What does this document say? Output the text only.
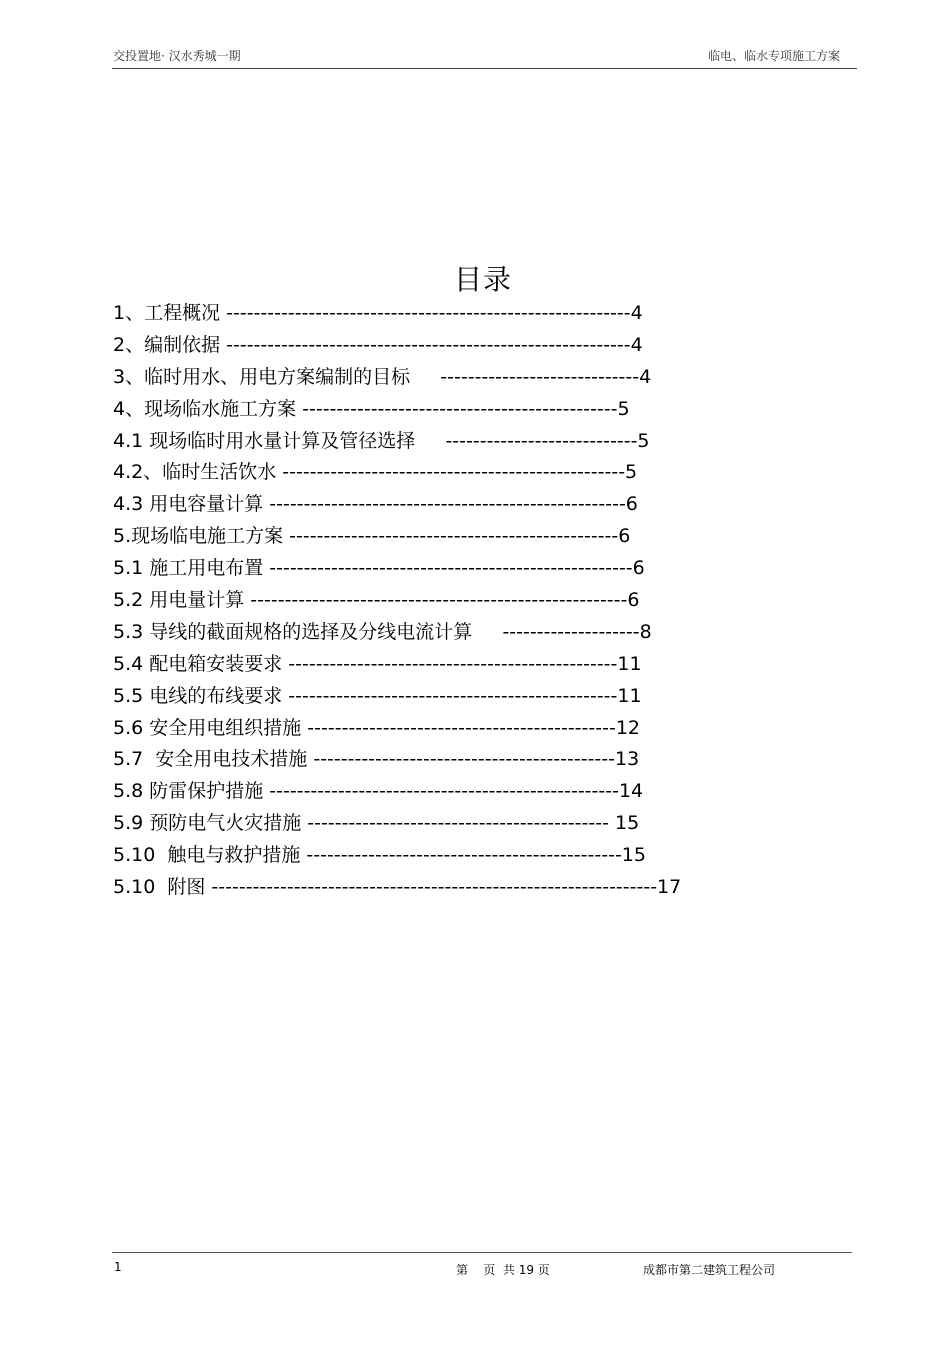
交投置地· 汉水秀城一期	临电、临水专项施工方案
目录
1、工程概况 -----------------------------------------------------------4
2、编制依据 -----------------------------------------------------------4
3、临时用水、用电方案编制的目标     -----------------------------4
4、现场临水施工方案 ----------------------------------------------5
4.1 现场临时用水量计算及管径选择     ----------------------------5
4.2、临时生活饮水 --------------------------------------------------5
4.3 用电容量计算 ----------------------------------------------------6
5.现场临电施工方案 ------------------------------------------------6
5.1 施工用电布置 -----------------------------------------------------6
5.2 用电量计算 -------------------------------------------------------6
5.3 导线的截面规格的选择及分线电流计算     --------------------8
5.4 配电箱安装要求 ------------------------------------------------11
5.5 电线的布线要求 ------------------------------------------------11
5.6 安全用电组织措施 ---------------------------------------------12
5.7  安全用电技术措施 --------------------------------------------13
5.8 防雷保护措施 ---------------------------------------------------14
5.9 预防电气火灾措施 -------------------------------------------- 15
5.10  触电与救护措施 ----------------------------------------------15
5.10  附图 -----------------------------------------------------------------17
1	第    页  共 19 页	成都市第二建筑工程公司
